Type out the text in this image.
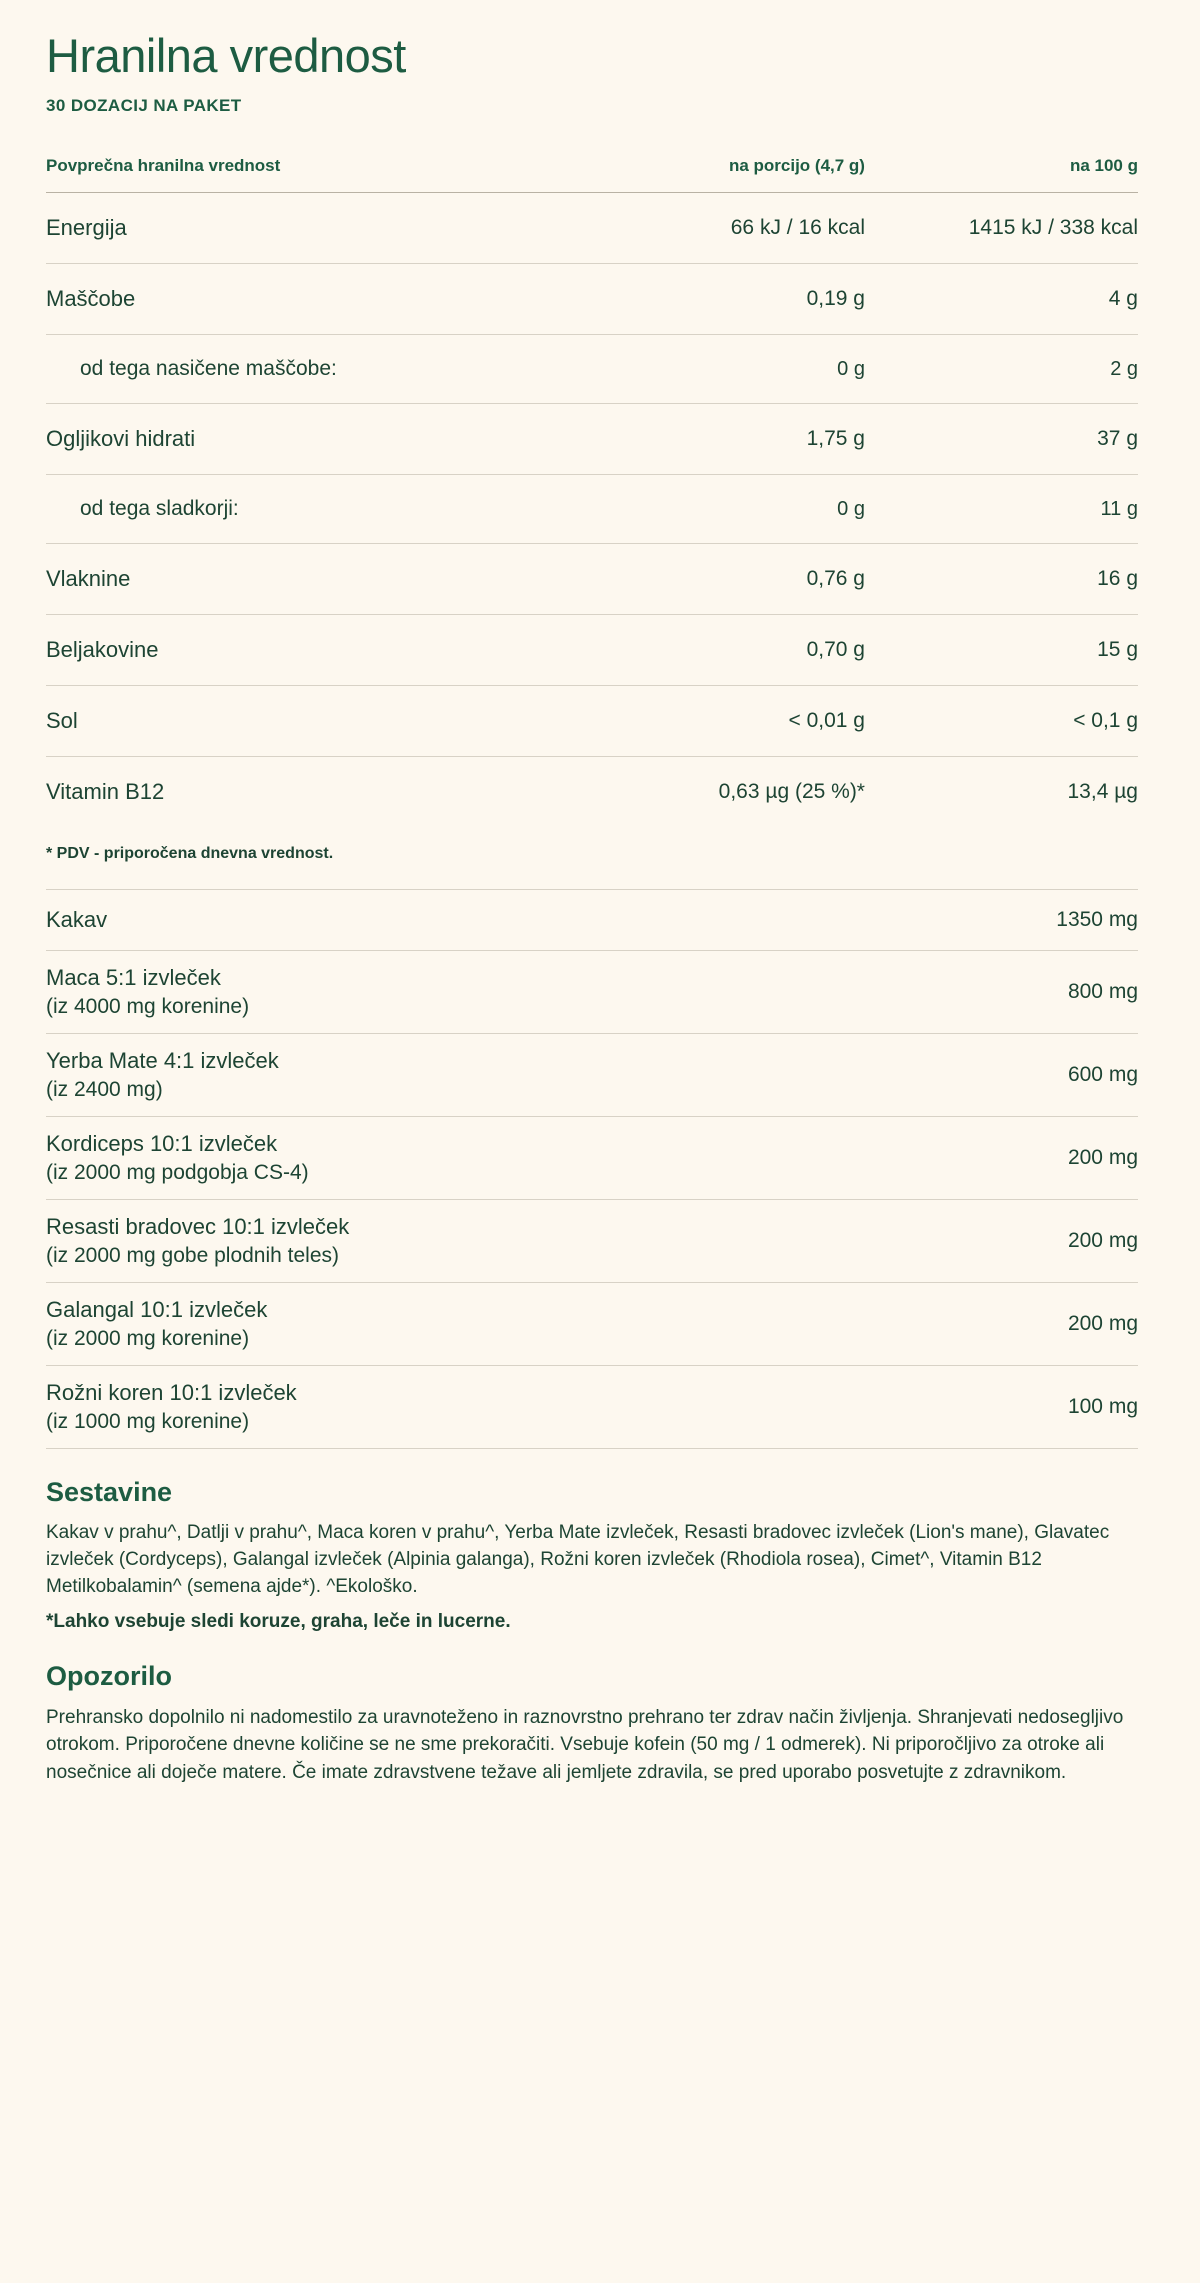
Hranilna vrednost
30 DOZACIJ NA PAKET
Povprečna hranilna vrednost	na porcijo (4,7 g)	na 100 g
Energija	66 kJ / 16 kcal	1415 kJ / 338 kcal
Maščobe	0,19 g	4 g
od tega nasičene maščobe:	0 g	2 g
Ogljikovi hidrati	1,75 g	37 g
od tega sladkorji:	0 g	11 g
Vlaknine	0,76 g	16 g
Beljakovine	0,70 g	15 g
Sol	< 0,01 g	< 0,1 g
Vitamin B12	0,63 µg (25 %)*	13,4 µg
* PDV - priporočena dnevna vrednost.
Kakav	1350 mg
Maca 5:1 izvleček
(iz 4000 mg korenine)	800 mg
Yerba Mate 4:1 izvleček
(iz 2400 mg)	600 mg
Kordiceps 10:1 izvleček
(iz 2000 mg podgobja CS-4)	200 mg
Resasti bradovec 10:1 izvleček
(iz 2000 mg gobe plodnih teles)	200 mg
Galangal 10:1 izvleček
(iz 2000 mg korenine)	200 mg
Rožni koren 10:1 izvleček
(iz 1000 mg korenine)	100 mg
Sestavine

Kakav v prahu^, Datlji v prahu^, Maca koren v prahu^, Yerba Mate izvleček, Resasti bradovec izvleček (Lion's mane), Glavatec izvleček (Cordyceps), Galangal izvleček (Alpinia galanga), Rožni koren izvleček (Rhodiola rosea), Cimet^, Vitamin B12 Metilkobalamin^ (semena ajde*). ^Ekološko.

*Lahko vsebuje sledi koruze, graha, leče in lucerne.

Opozorilo

Prehransko dopolnilo ni nadomestilo za uravnoteženo in raznovrstno prehrano ter zdrav način življenja. Shranjevati nedosegljivo otrokom. Priporočene dnevne količine se ne sme prekoračiti. Vsebuje kofein (50 mg / 1 odmerek). Ni priporočljivo za otroke ali nosečnice ali doječe matere. Če imate zdravstvene težave ali jemljete zdravila, se pred uporabo posvetujte z zdravnikom.
